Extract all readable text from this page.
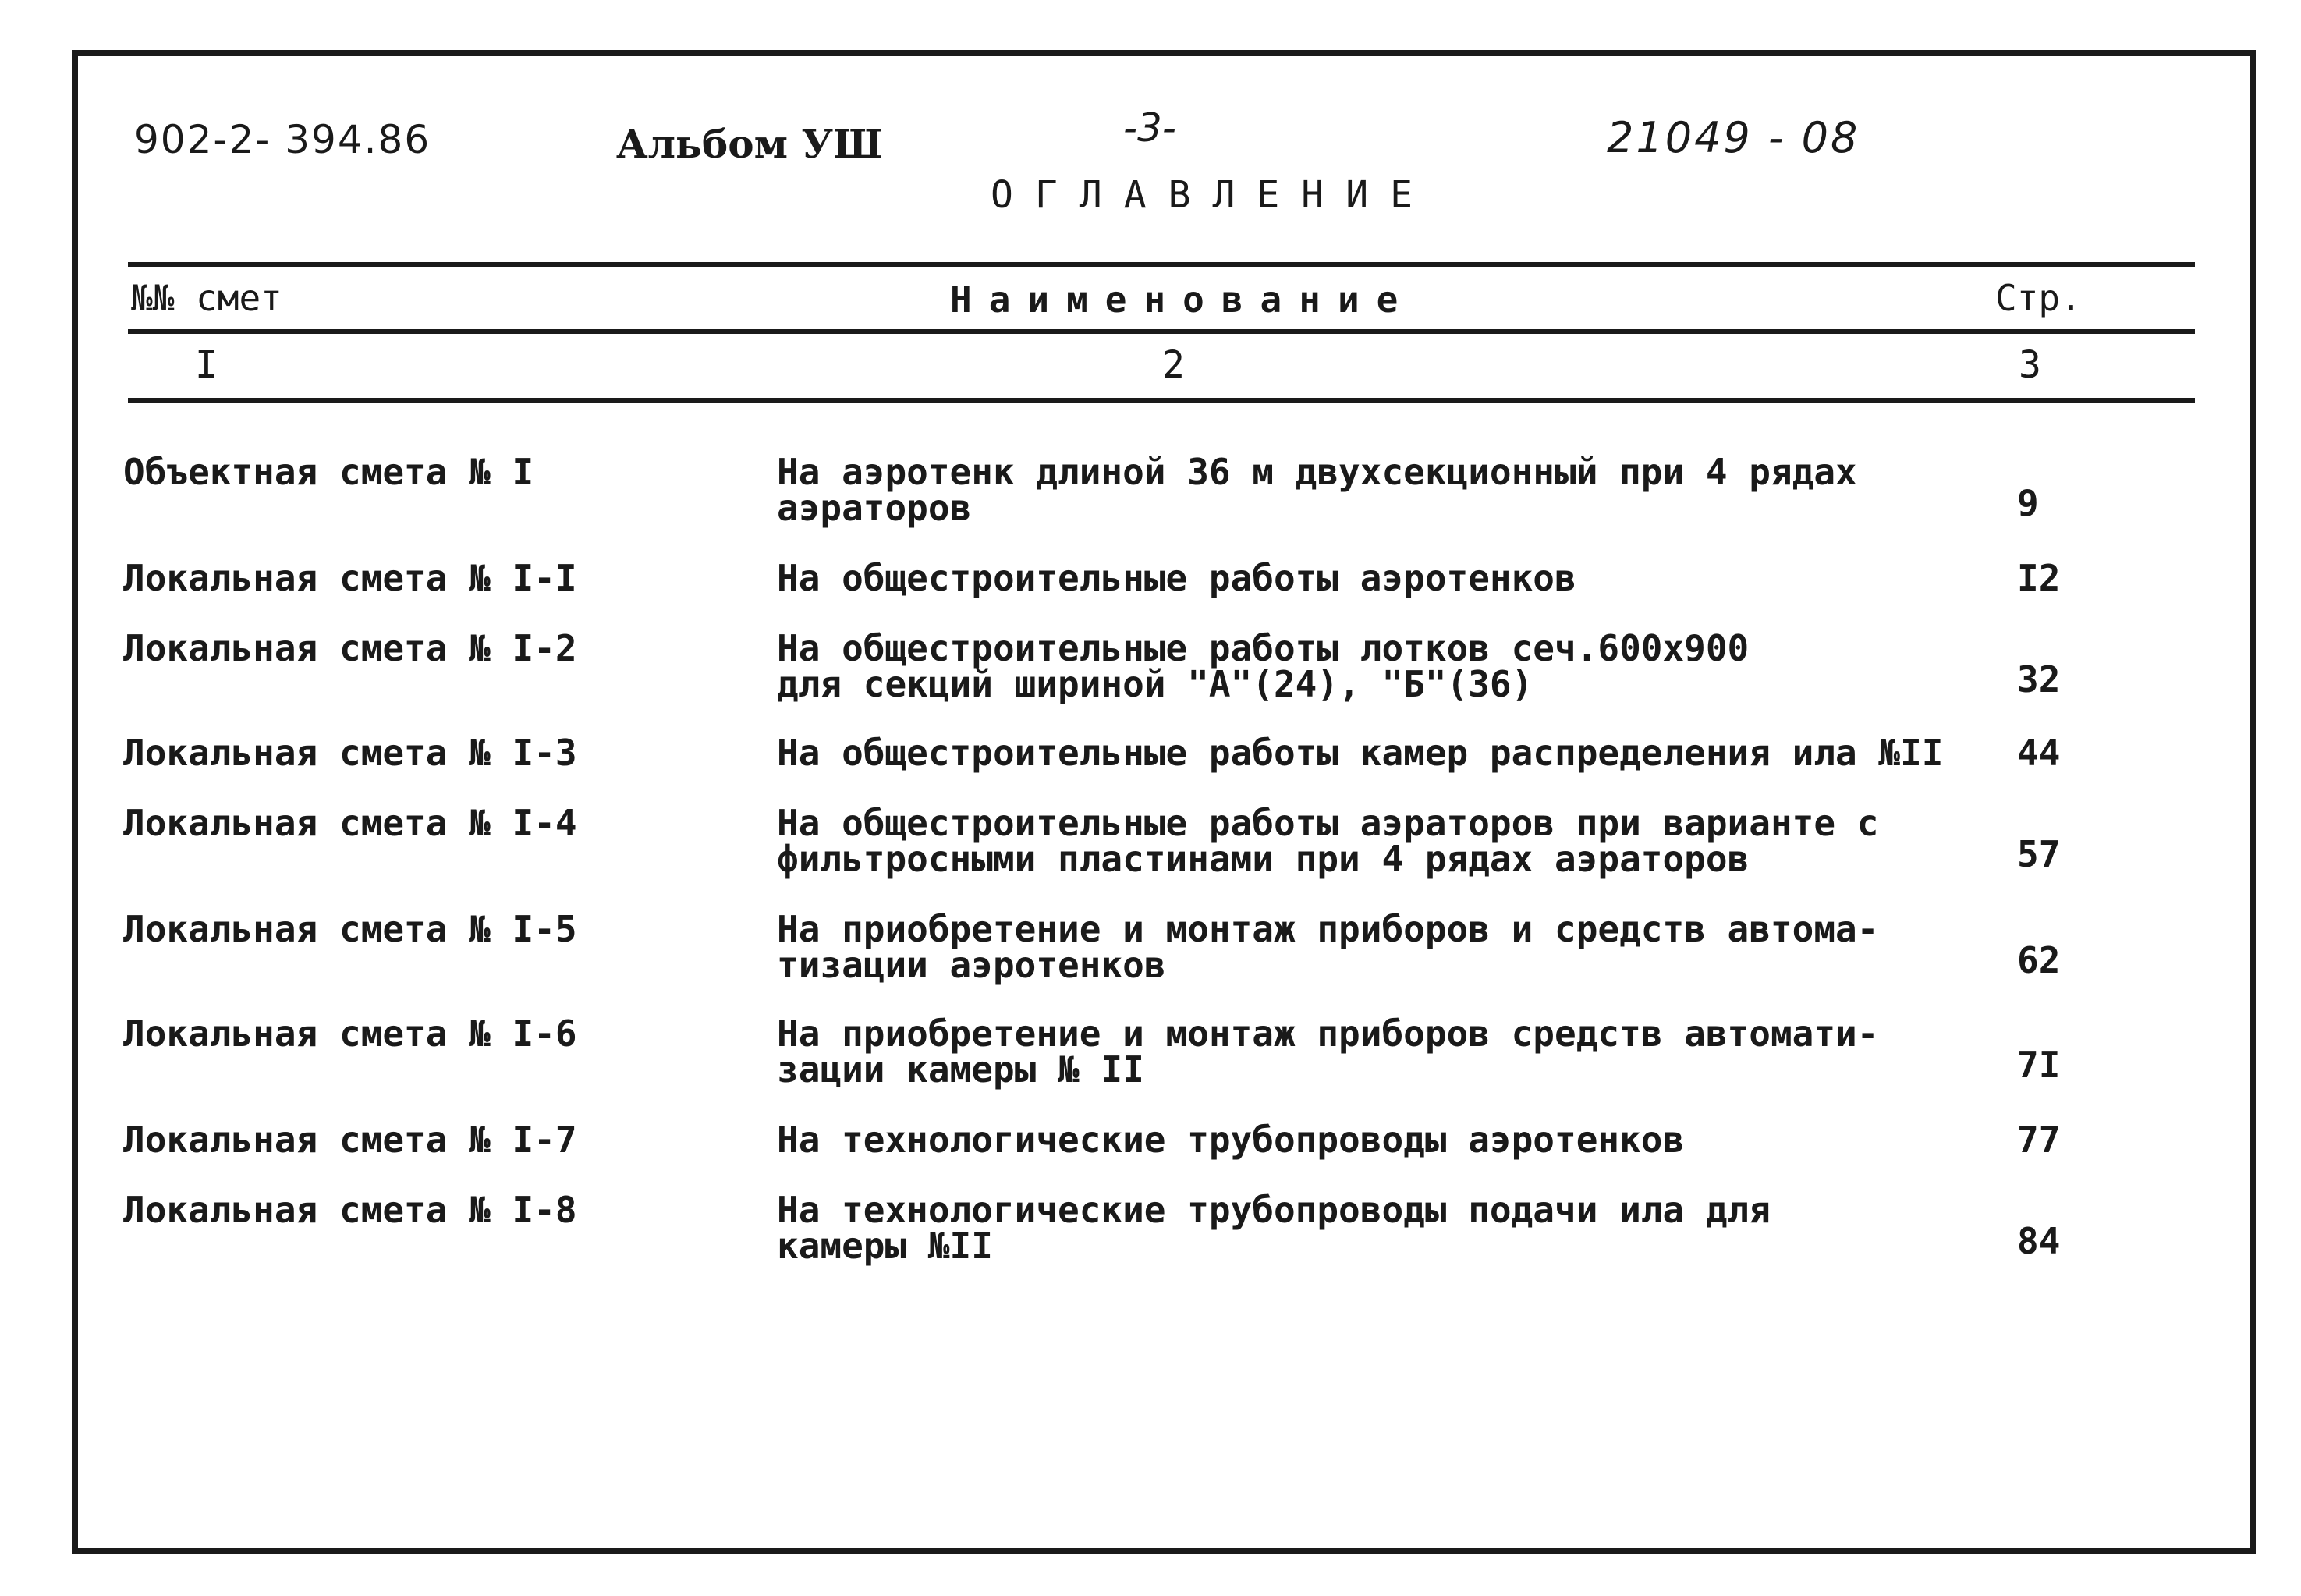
902-2- 394.86	Альбом УШ	-3-	21049 - 08
ОГЛАВЛЕНИЕ
№№ смет	Наименование	Стр.
I	2	3
Объектная смета № I	На аэротенк длиной 36 м двухсекционный при 4 рядах
аэраторов	9
Локальная смета № I-I	На общестроительные работы аэротенков	I2
Локальная смета № I-2	На общестроительные работы лотков сеч.600x900
для секций шириной "А"(24), "Б"(36)	32
Локальная смета № I-3	На общестроительные работы камер распределения ила №II 44
Локальная смета № I-4	На общестроительные работы аэраторов при варианте с
фильтросными пластинами при 4 рядах аэраторов	57
Локальная смета № I-5	На приобретение и монтаж приборов и средств автома-
тизации аэротенков	62
Локальная смета № I-6	На приобретение и монтаж приборов средств автомати-
зации камеры № II	7I
Локальная смета № I-7	На технологические трубопроводы аэротенков	77
Локальная смета № I-8	На технологические трубопроводы подачи ила для
камеры №II	84
